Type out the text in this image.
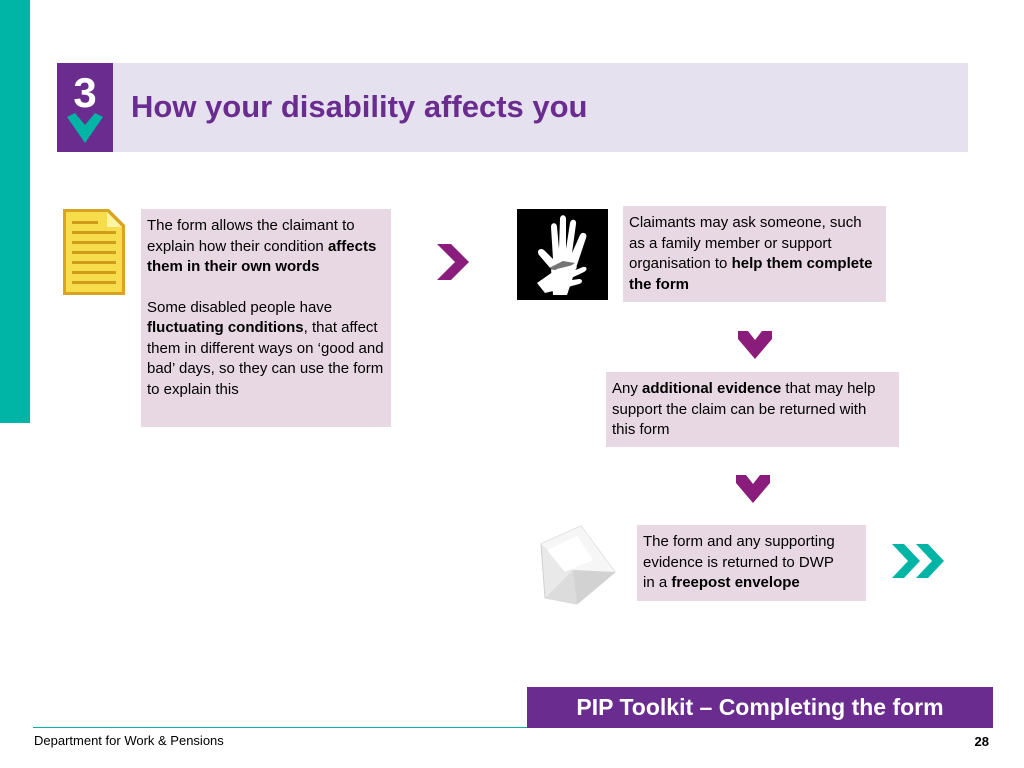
3	How your disability affects you

The form allows the claimant to explain how their condition affects them in their own words

Some disabled people have fluctuating conditions, that affect them in different ways on ‘good and bad’ days, so they can use the form to explain this

Claimants may ask someone, such as a family member or support organisation to help them complete the form

Any additional evidence that may help support the claim can be returned with this form

The form and any supporting evidence is returned to DWP
in a freepost envelope

PIP Toolkit – Completing the form
Department for Work & Pensions	28
